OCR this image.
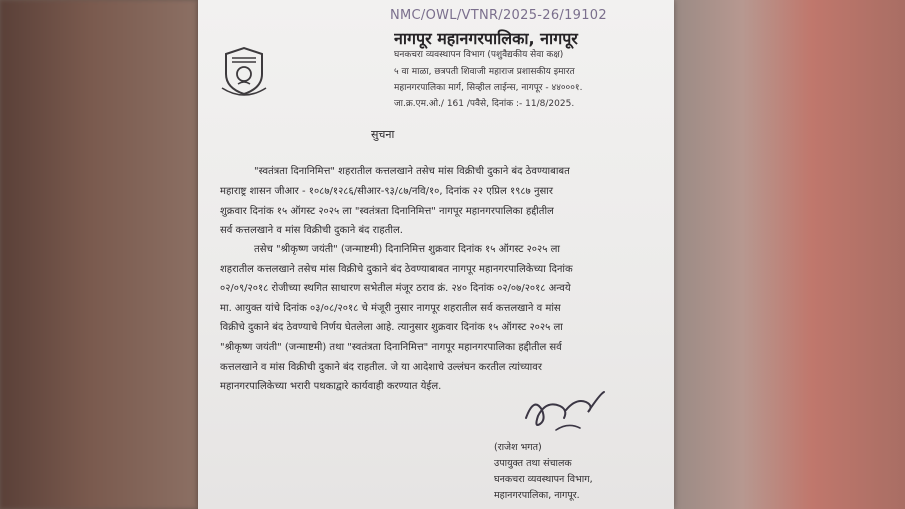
NMC/OWL/VTNR/2025-26/19102
नागपूर महानगरपालिका, नागपूर
घनकचरा व्यवस्थापन विभाग (पशुवैद्यकीय सेवा कक्ष)
५ वा माळा, छत्रपती शिवाजी महाराज प्रशासकीय इमारत
महानगरपालिका मार्ग, सिव्हील लाईन्स, नागपूर - ४४०००१.
जा.क्र.एम.ओ./ 161 /पवैसे, दिनांक :- 11/8/2025.
सुचना
"स्वतंत्रता दिनानिमित्त" शहरातील कत्तलखाने तसेच मांस विक्रीची दुकाने बंद ठेवण्याबाबत
महाराष्ट्र शासन जीआर - १०८७/१२८६/सीआर-९३/८७/नवि/१०, दिनांक २२ एप्रिल १९८७ नुसार
शुक्रवार दिनांक १५ ऑगस्ट २०२५ ला "स्वतंत्रता दिनानिमित्त" नागपूर महानगरपालिका हद्दीतील
सर्व कत्तलखाने व मांस विक्रीची दुकाने बंद राहतील.
तसेच "श्रीकृष्ण जयंती" (जन्माष्टमी) दिनानिमित्त शुक्रवार दिनांक १५ ऑगस्ट २०२५ ला
शहरातील कत्तलखाने तसेच मांस विक्रीचे दुकाने बंद ठेवण्याबाबत नागपूर महानगरपालिकेच्या दिनांक
०२/०९/२०१८ रोजीच्या स्थगित साधारण सभेतील मंजूर ठराव क्रं. २४० दिनांक ०२/०७/२०१८ अन्वये
मा. आयुक्त यांचे दिनांक ०३/०८/२०१८ चे मंजूरी नुसार नागपूर शहरातील सर्व कत्तलखाने व मांस
विक्रीचे दुकाने बंद ठेवण्याचे निर्णय घेतलेला आहे. त्यानुसार शुक्रवार दिनांक १५ ऑगस्ट २०२५ ला
"श्रीकृष्ण जयंती" (जन्माष्टमी) तथा "स्वतंत्रता दिनानिमित्त" नागपूर महानगरपालिका हद्दीतील सर्व
कत्तलखाने व मांस विक्रीची दुकाने बंद राहतील. जे या आदेशाचे उल्लंघन करतील त्यांच्यावर
महानगरपालिकेच्या भरारी पथकाद्वारे कार्यवाही करण्यात येईल.
(राजेश भगत)
उपायुक्त तथा संचालक
घनकचरा व्यवस्थापन विभाग,
महानगरपालिका, नागपूर.
